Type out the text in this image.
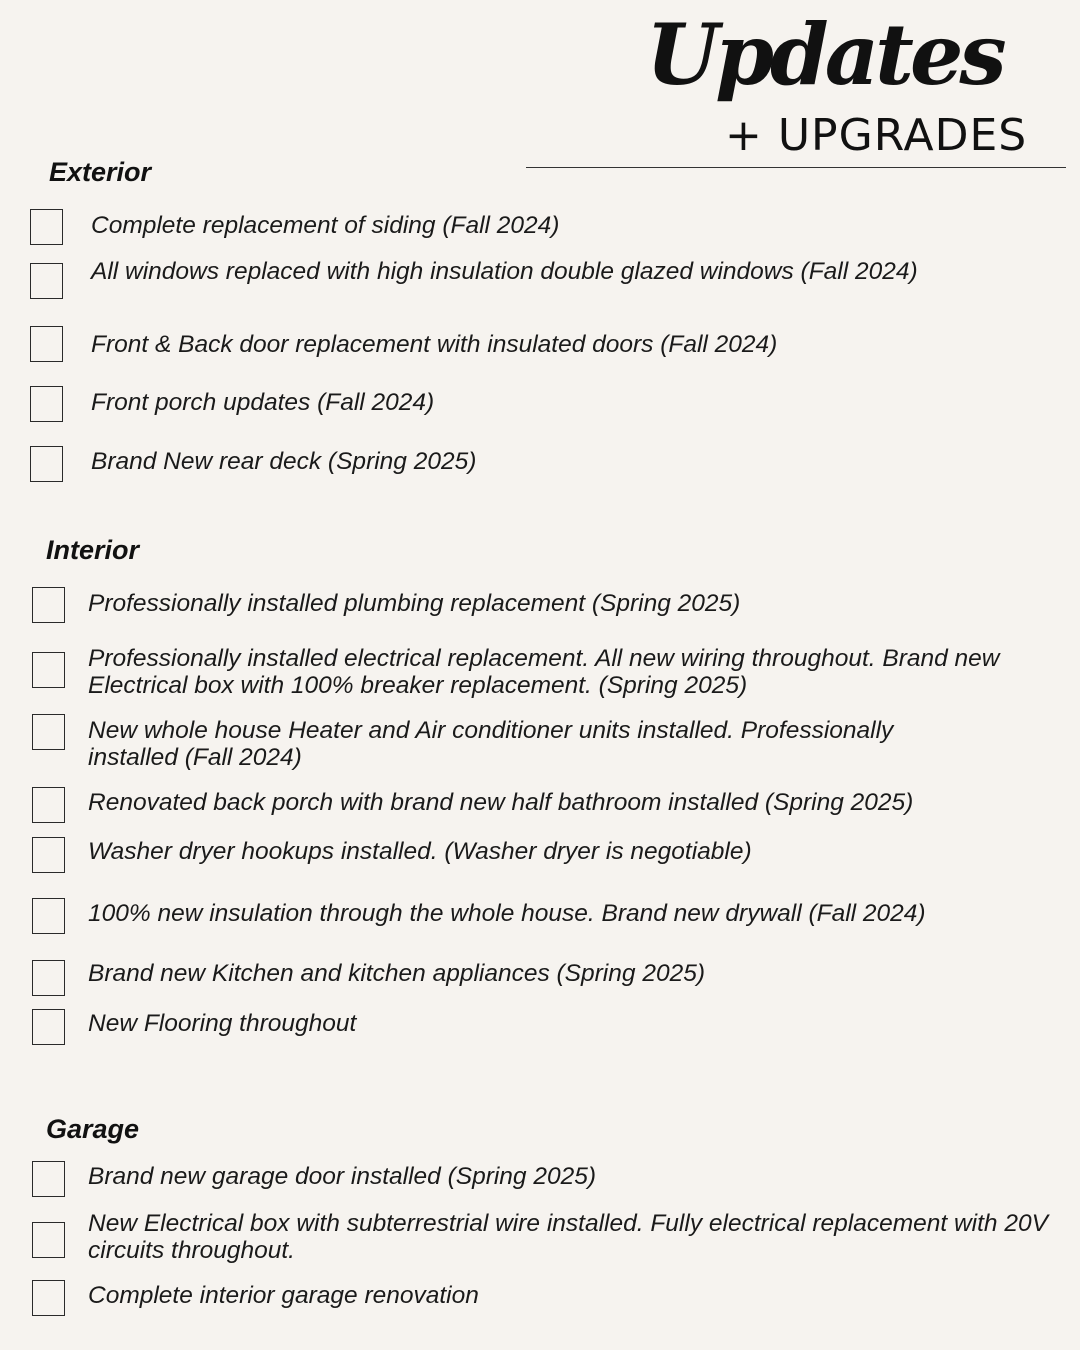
Updates
+ UPGRADES
Exterior

Complete replacement of siding (Fall 2024)

All windows replaced with high insulation double glazed windows (Fall 2024)

Front & Back door replacement with insulated doors (Fall 2024)

Front porch updates (Fall 2024)

Brand New rear deck (Spring 2025)

Interior

Professionally installed plumbing replacement (Spring 2025)

Professionally installed electrical replacement. All new wiring throughout. Brand new Electrical box with 100% breaker replacement. (Spring 2025)

New whole house Heater and Air conditioner units installed. Professionally installed (Fall 2024)

Renovated back porch with brand new half bathroom installed (Spring 2025)

Washer dryer hookups installed. (Washer dryer is negotiable)

100% new insulation through the whole house. Brand new drywall (Fall 2024)

Brand new Kitchen and kitchen appliances (Spring 2025)

New Flooring throughout

Garage

Brand new garage door installed (Spring 2025)

New Electrical box with subterrestrial wire installed. Fully electrical replacement with 20V circuits throughout.

Complete interior garage renovation
